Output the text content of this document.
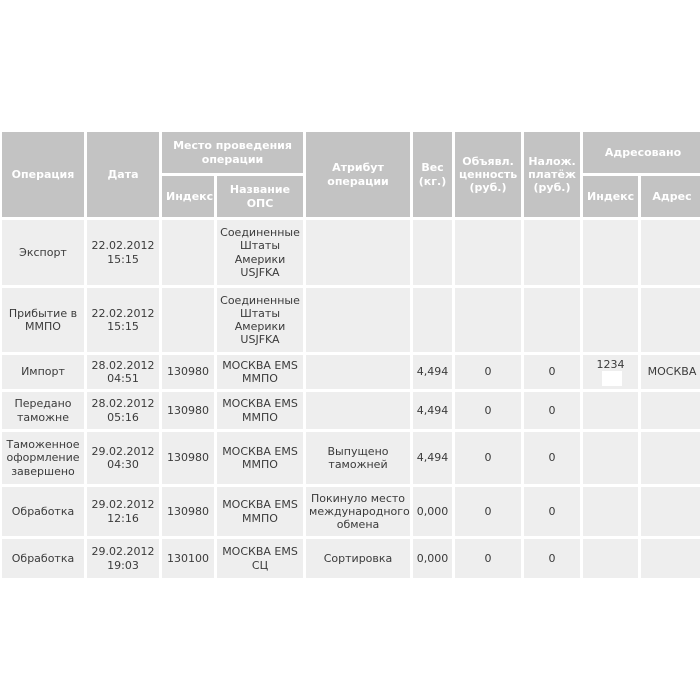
Операция	Дата	Место проведения операции		Атрибут операции	Вес (кг.)	Объявл. ценность (руб.)	Налож. платёж (руб.)	Адресовано	
		Индекс	Название ОПС					Индекс	Адрес
Экспорт	22.02.2012 15:15		Соединенные Штаты Америки USJFKA						
Прибытие в ММПО	22.02.2012 15:15		Соединенные Штаты Америки USJFKA						
Импорт	28.02.2012 04:51	130980	МОСКВА EMS ММПО		4,494	0	0	1234	МОСКВА
Передано таможне	28.02.2012 05:16	130980	МОСКВА EMS ММПО		4,494	0	0		
Таможенное оформление завершено	29.02.2012 04:30	130980	МОСКВА EMS ММПО	Выпущено таможней	4,494	0	0		
Обработка	29.02.2012 12:16	130980	МОСКВА EMS ММПО	Покинуло место международного обмена	0,000	0	0		
Обработка	29.02.2012 19:03	130100	МОСКВА EMS СЦ	Сортировка	0,000	0	0		
